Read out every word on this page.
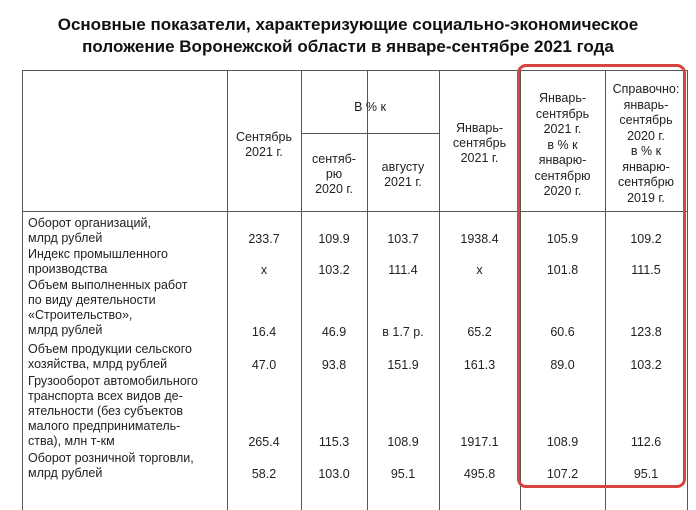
Основные показатели, характеризующие социально-экономическое
положение Воронежской области в январе-сентябре 2021 года
Сентябрь
2021 г.
В % к
сентяб-
рю
2020 г.
августу
2021 г.
Январь-
сентябрь
2021 г.
Январь-
сентябрь
2021 г.
в % к
январю-
сентябрю
2020 г.
Справочно:
январь-
сентябрь
2020 г.
в % к
январю-
сентябрю
2019 г.
Оборот организаций,
млрд рублей	233.7	109.9	103.7	1938.4	105.9	109.2
Индекс промышленного
производства	x	103.2	111.4	x	101.8	111.5
Объем выполненных работ
по виду деятельности
«Строительство»,
млрд рублей	16.4	46.9	в 1.7 р.	65.2	60.6	123.8
Объем продукции сельского
хозяйства, млрд рублей	47.0	93.8	151.9	161.3	89.0	103.2
Грузооборот автомобильного
транспорта всех видов де-
ятельности (без субъектов
малого предприниматель-
ства), млн т-км	265.4	115.3	108.9	1917.1	108.9	112.6
Оборот розничной торговли,
млрд рублей	58.2	103.0	95.1	495.8	107.2	95.1
